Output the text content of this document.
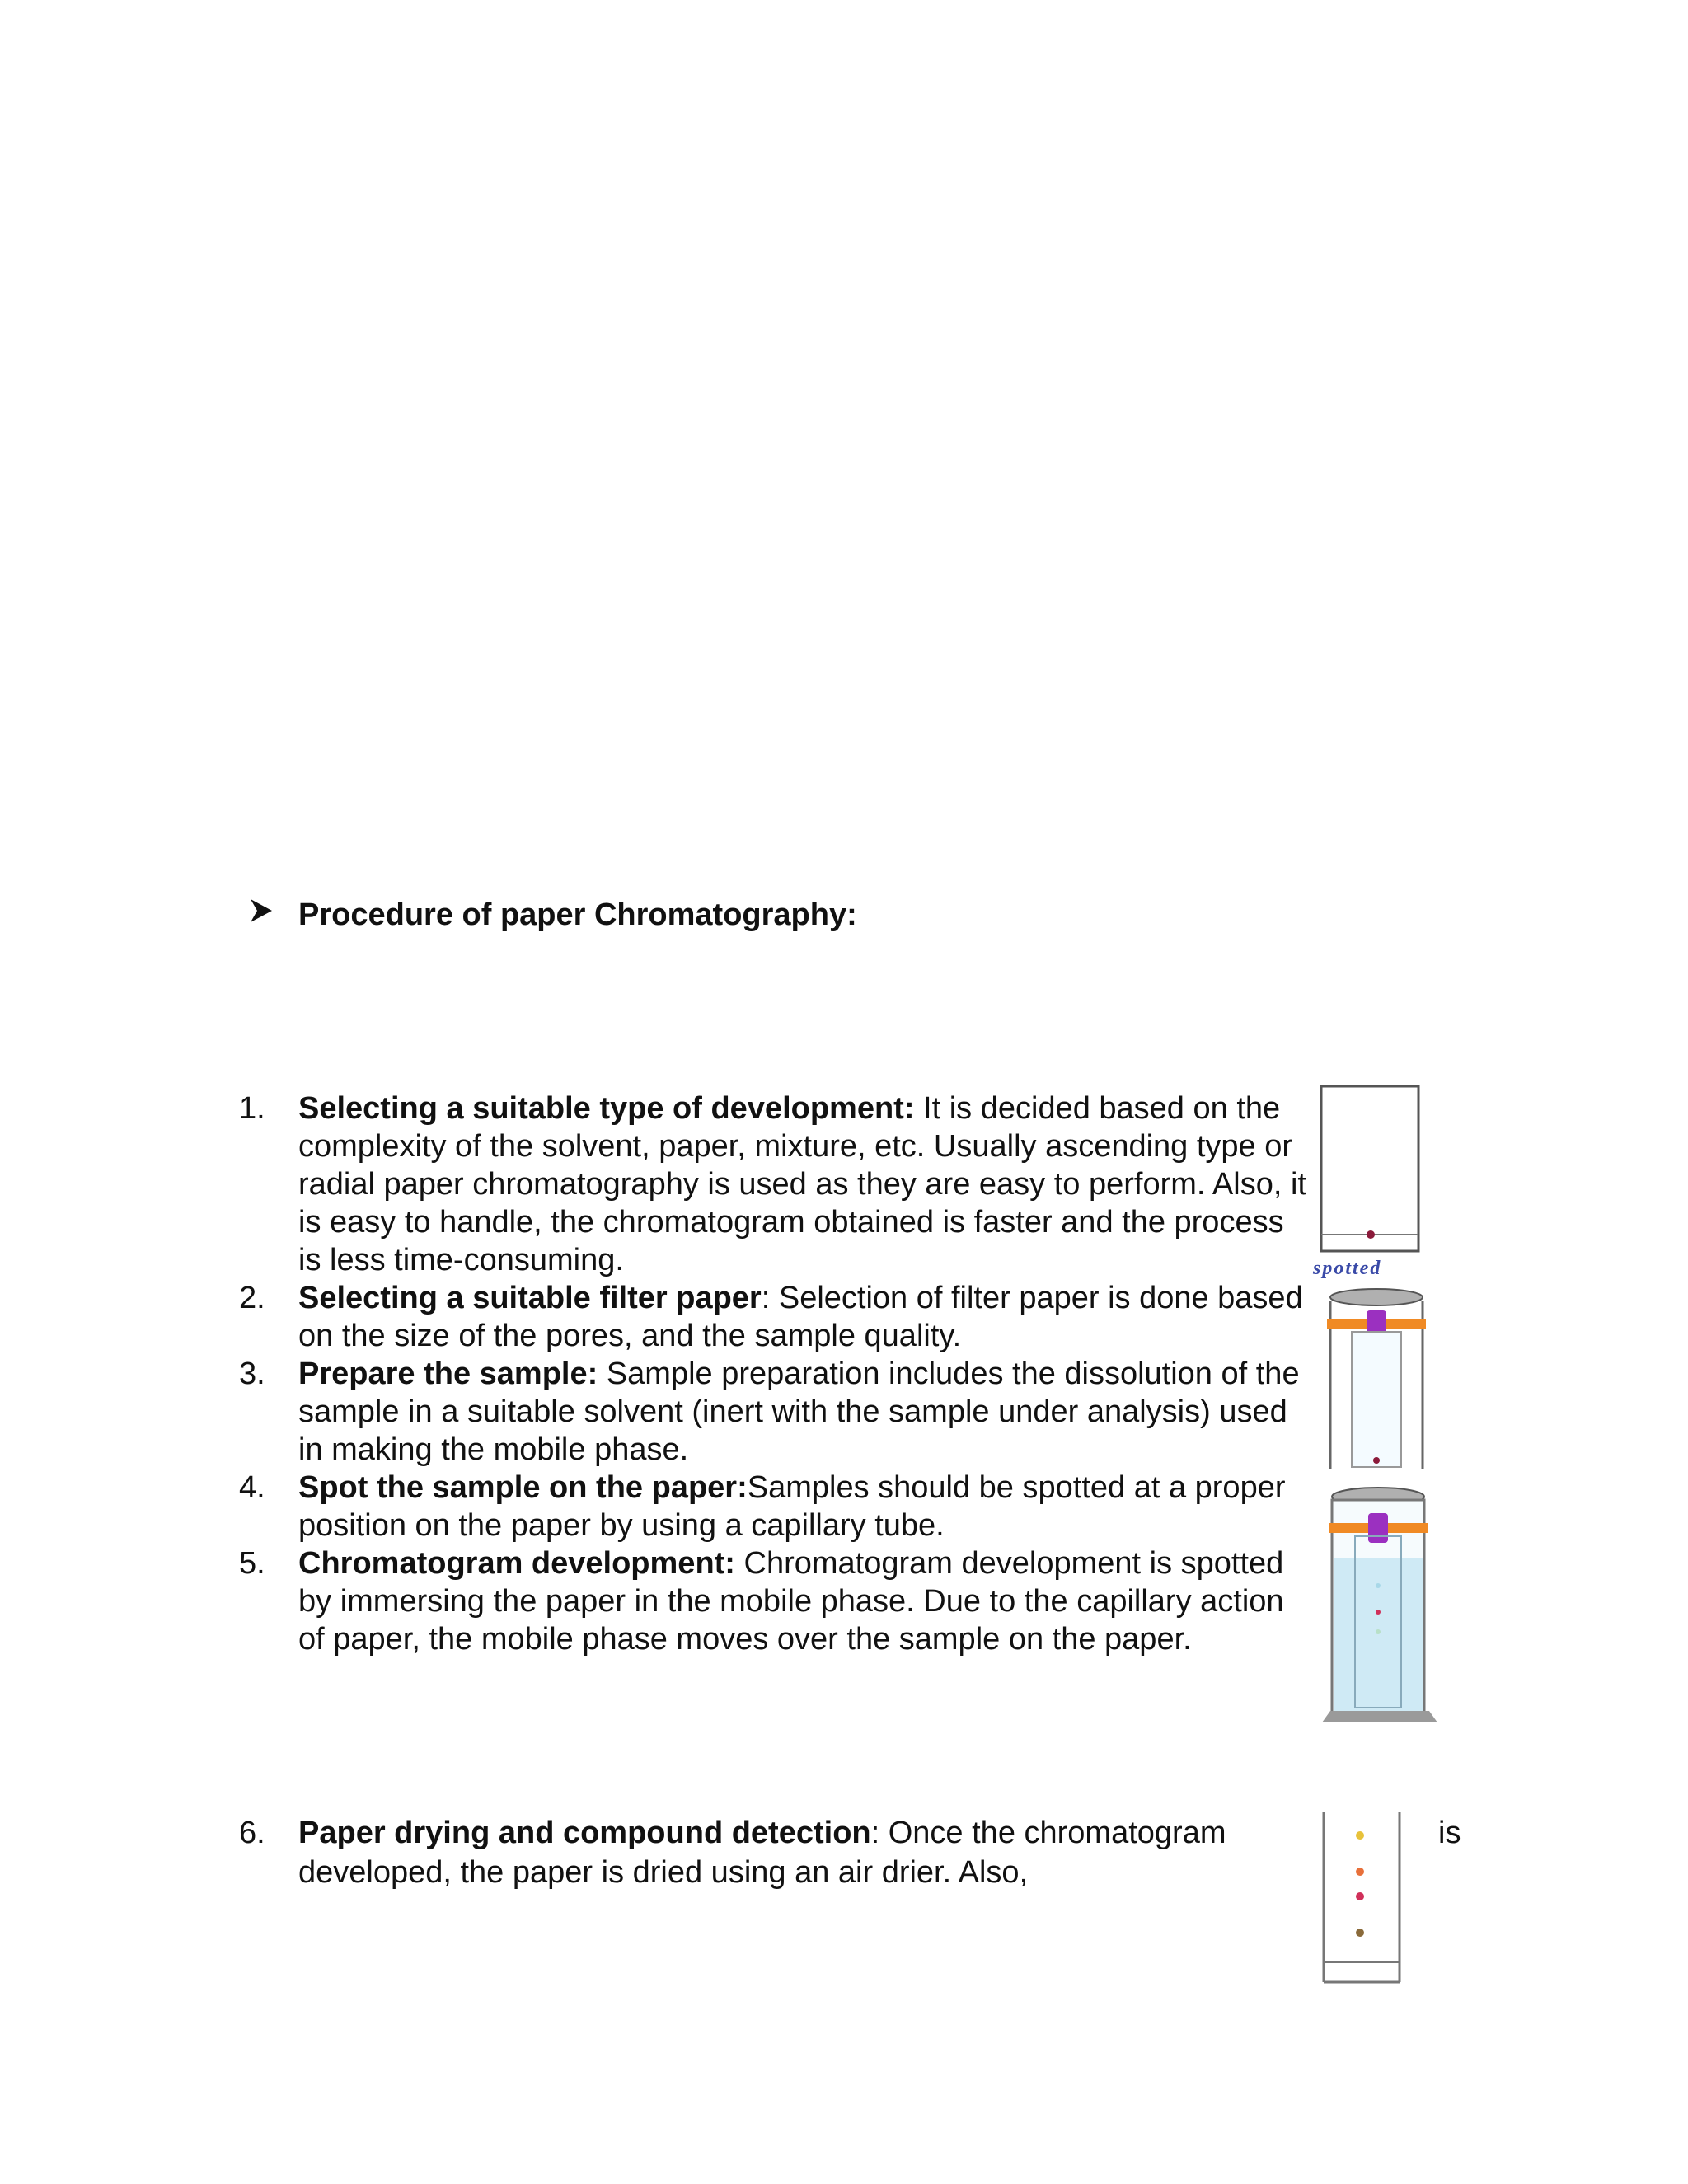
Procedure of paper Chromatography:
1.	Selecting a suitable type of development: It is decided based on the complexity of the solvent, paper, mixture, etc. Usually ascending type or radial paper chromatography is used as they are easy to perform. Also, it is easy to handle, the chromatogram obtained is faster and the process is less time-consuming.
2.	Selecting a suitable filter paper: Selection of filter paper is done based on the size of the pores, and the sample quality.
3.	Prepare the sample: Sample preparation includes the dissolution of the sample in a suitable solvent (inert with the sample under analysis) used in making the mobile phase.
4.	Spot the sample on the paper:Samples should be spotted at a proper position on the paper by using a capillary tube.
5.	Chromatogram development: Chromatogram development is spotted by immersing the paper in the mobile phase. Due to the capillary action of paper, the mobile phase moves over the sample on the paper.
6.	Paper drying and compound detection: Once the chromatogram developed, the paper is dried using an air drier. Also,
is
spotted
